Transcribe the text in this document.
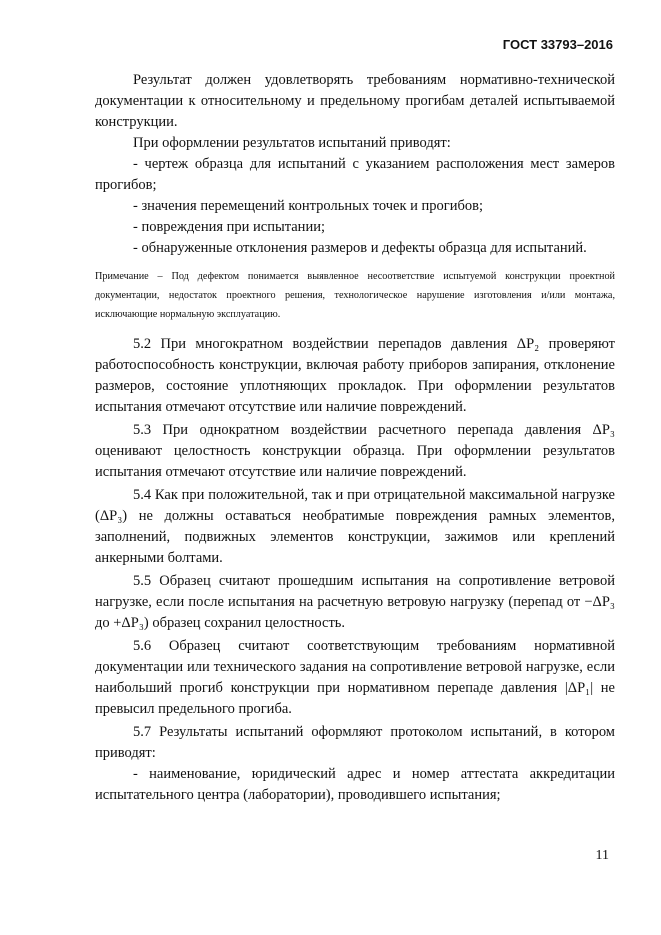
ГОСТ 33793–2016

Результат должен удовлетворять требованиям нормативно-технической документации к относительному и предельному прогибам деталей испытываемой конструкции.

При оформлении результатов испытаний приводят:

- чертеж образца для испытаний с указанием расположения мест замеров прогибов;

- значения перемещений контрольных точек и прогибов;

- повреждения при испытании;

- обнаруженные отклонения размеров и дефекты образца для испытаний.

Примечание – Под дефектом понимается выявленное несоответствие испытуемой конструкции проектной документации, недостаток проектного решения, технологическое нарушение изготовления и/или монтажа, исключающие нормальную эксплуатацию.

5.2 При многократном воздействии перепадов давления ΔP₂ проверяют работоспособность конструкции, включая работу приборов запирания, отклонение размеров, состояние уплотняющих прокладок. При оформлении результатов испытания отмечают отсутствие или наличие повреждений.

5.3 При однократном воздействии расчетного перепада давления ΔP₃ оценивают целостность конструкции образца. При оформлении результатов испытания отмечают отсутствие или наличие повреждений.

5.4 Как при положительной, так и при отрицательной максимальной нагрузке (ΔP₃) не должны оставаться необратимые повреждения рамных элементов, заполнений, подвижных элементов конструкции, зажимов или креплений анкерными болтами.

5.5 Образец считают прошедшим испытания на сопротивление ветровой нагрузке, если после испытания на расчетную ветровую нагрузку (перепад от −ΔP₃ до +ΔP₃) образец сохранил целостность.

5.6 Образец считают соответствующим требованиям нормативной документации или технического задания на сопротивление ветровой нагрузке, если наибольший прогиб конструкции при нормативном перепаде давления |ΔP₁| не превысил предельного прогиба.

5.7 Результаты испытаний оформляют протоколом испытаний, в котором приводят:

- наименование, юридический адрес и номер аттестата аккредитации испытательного центра (лаборатории), проводившего испытания;

11
